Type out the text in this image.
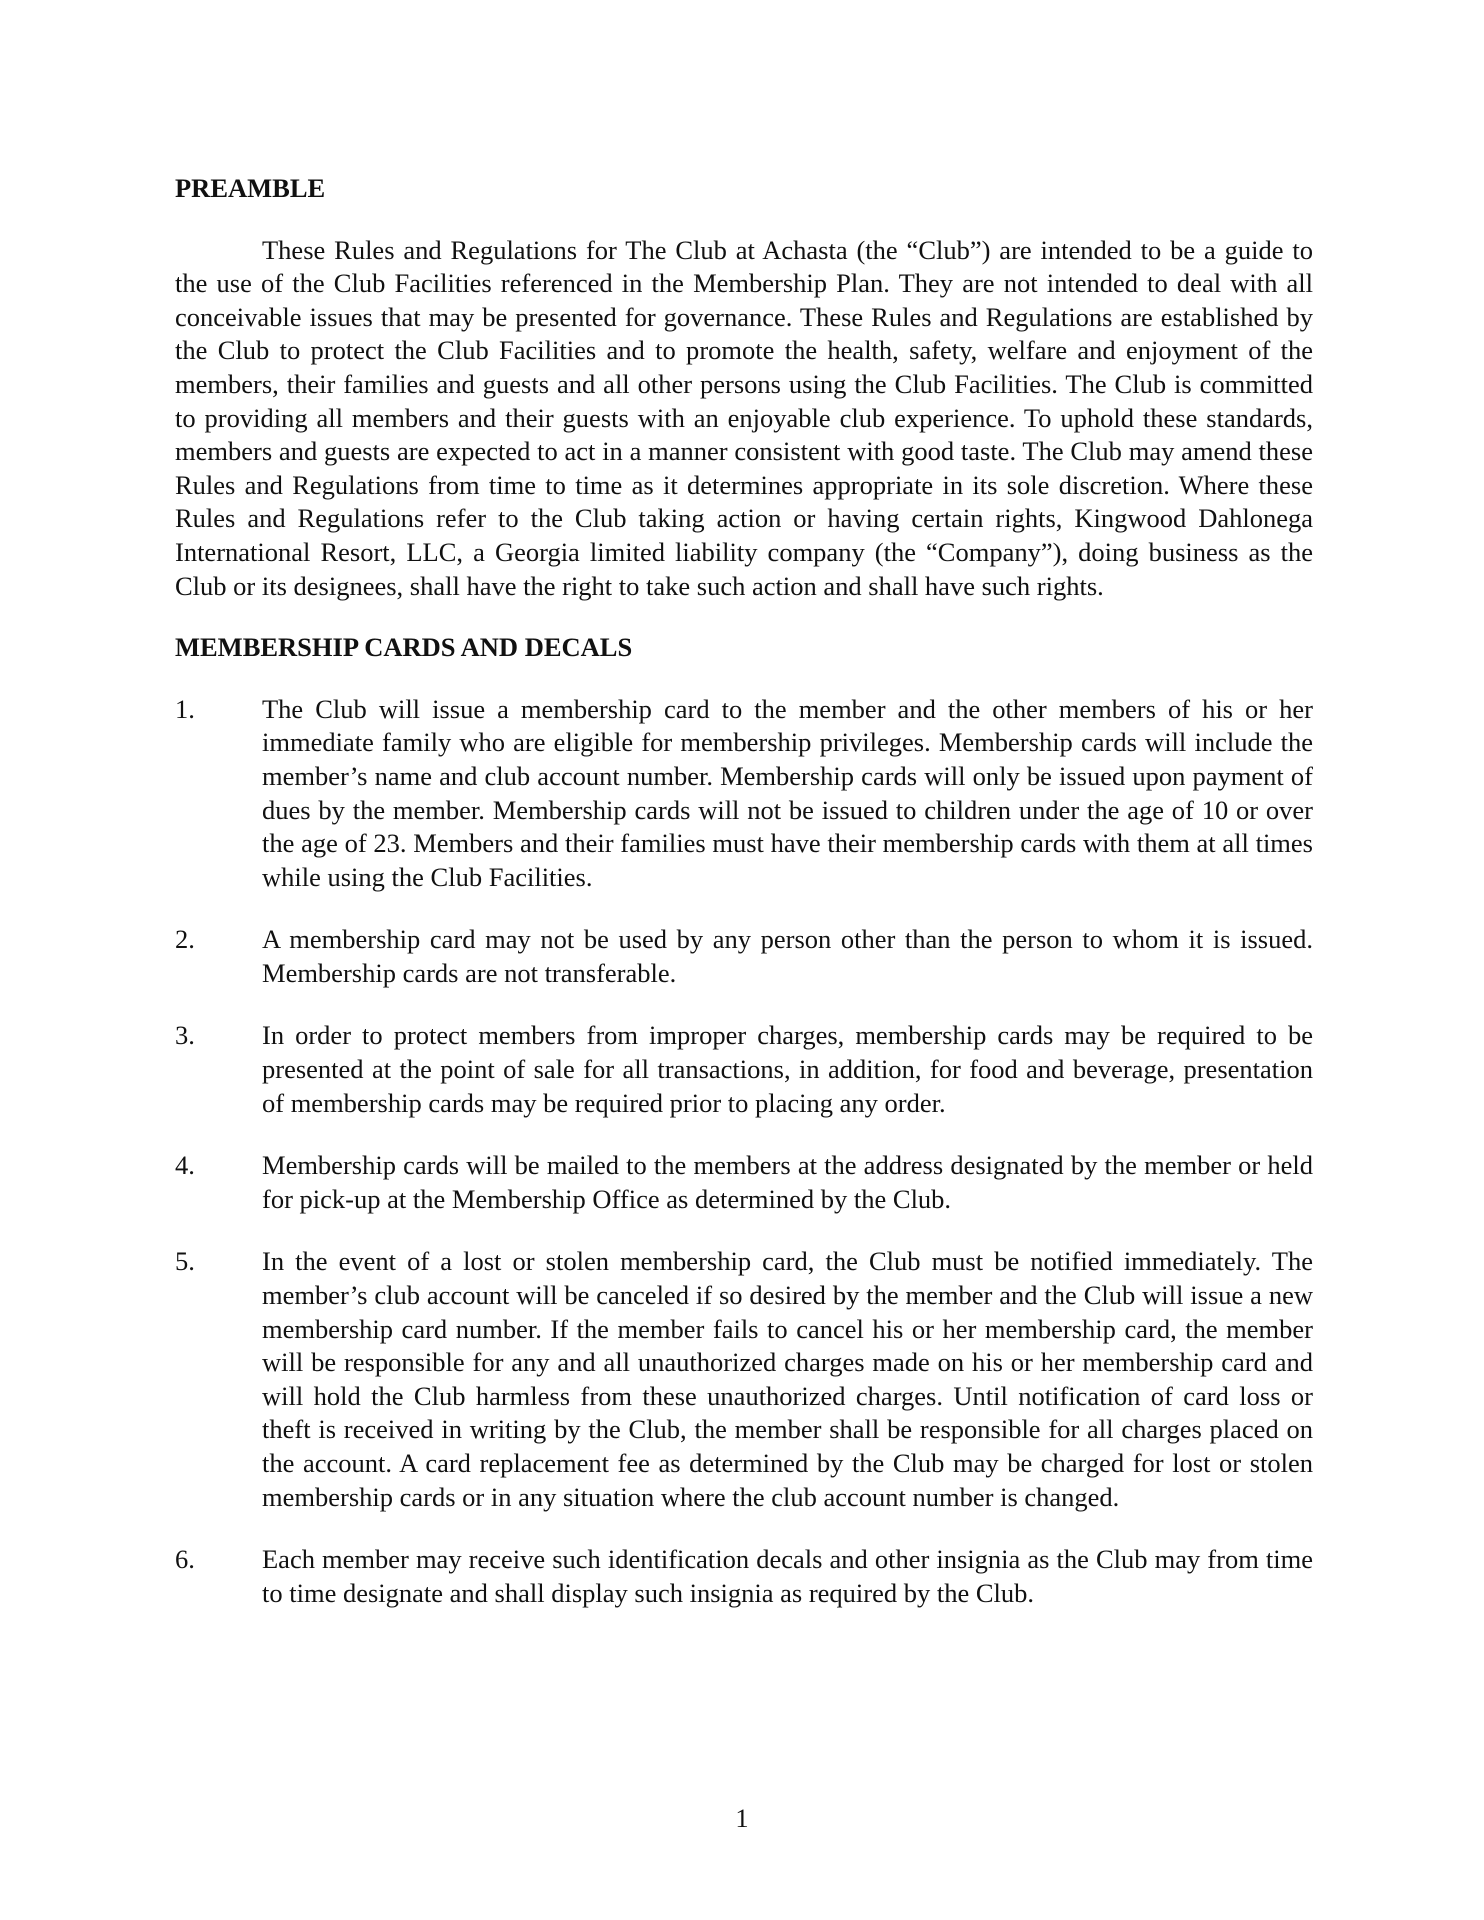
PREAMBLE

These Rules and Regulations for The Club at Achasta (the “Club”) are intended to be a guide to the use of the Club Facilities referenced in the Membership Plan. They are not intended to deal with all conceivable issues that may be presented for governance. These Rules and Regulations are established by the Club to protect the Club Facilities and to promote the health, safety, welfare and enjoyment of the members, their families and guests and all other persons using the Club Facilities. The Club is committed to providing all members and their guests with an enjoyable club experience. To uphold these standards, members and guests are expected to act in a manner consistent with good taste. The Club may amend these Rules and Regulations from time to time as it determines appropriate in its sole discretion. Where these Rules and Regulations refer to the Club taking action or having certain rights, Kingwood Dahlonega International Resort, LLC, a Georgia limited liability company (the “Company”), doing business as the Club or its designees, shall have the right to take such action and shall have such rights.

MEMBERSHIP CARDS AND DECALS
1.	The Club will issue a membership card to the member and the other members of his or her immediate family who are eligible for membership privileges. Membership cards will include the member’s name and club account number. Membership cards will only be issued upon payment of dues by the member. Membership cards will not be issued to children under the age of 10 or over the age of 23. Members and their families must have their membership cards with them at all times while using the Club Facilities.
2.	A membership card may not be used by any person other than the person to whom it is issued. Membership cards are not transferable.
3.	In order to protect members from improper charges, membership cards may be required to be presented at the point of sale for all transactions, in addition, for food and beverage, presentation of membership cards may be required prior to placing any order.
4.	Membership cards will be mailed to the members at the address designated by the member or held for pick-up at the Membership Office as determined by the Club.
5.	In the event of a lost or stolen membership card, the Club must be notified immediately. The member’s club account will be canceled if so desired by the member and the Club will issue a new membership card number. If the member fails to cancel his or her membership card, the member will be responsible for any and all unauthorized charges made on his or her membership card and will hold the Club harmless from these unauthorized charges. Until notification of card loss or theft is received in writing by the Club, the member shall be responsible for all charges placed on the account. A card replacement fee as determined by the Club may be charged for lost or stolen membership cards or in any situation where the club account number is changed.
6.	Each member may receive such identification decals and other insignia as the Club may from time to time designate and shall display such insignia as required by the Club.
1
